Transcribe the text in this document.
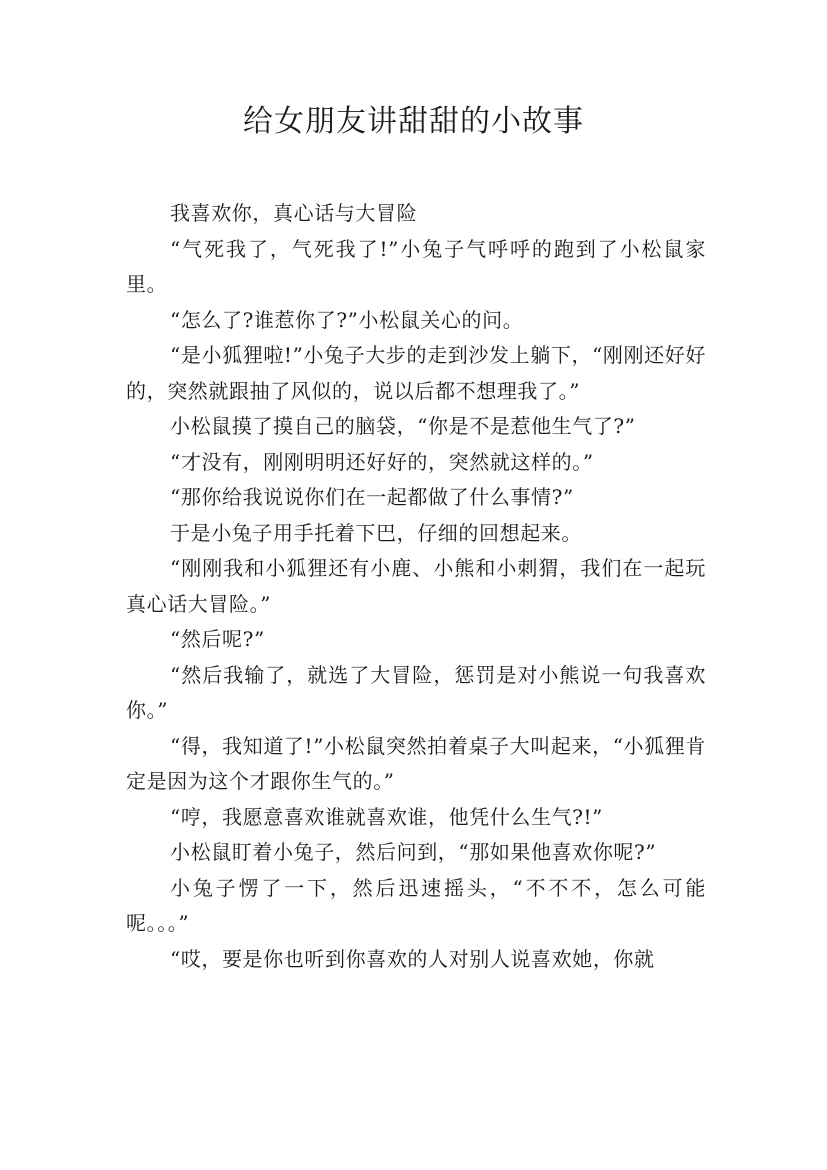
给女朋友讲甜甜的小故事

我喜欢你，真心话与大冒险

“气死我了，气死我了!”小兔子气呼呼的跑到了小松鼠家里。

“怎么了?谁惹你了?”小松鼠关心的问。

“是小狐狸啦!”小兔子大步的走到沙发上躺下，“刚刚还好好的，突然就跟抽了风似的，说以后都不想理我了。”

小松鼠摸了摸自己的脑袋，“你是不是惹他生气了?”

“才没有，刚刚明明还好好的，突然就这样的。”

“那你给我说说你们在一起都做了什么事情?”

于是小兔子用手托着下巴，仔细的回想起来。

“刚刚我和小狐狸还有小鹿、小熊和小刺猬，我们在一起玩真心话大冒险。”

“然后呢?”

“然后我输了，就选了大冒险，惩罚是对小熊说一句我喜欢你。”

“得，我知道了!”小松鼠突然拍着桌子大叫起来，“小狐狸肯定是因为这个才跟你生气的。”

“哼，我愿意喜欢谁就喜欢谁，他凭什么生气?!”

小松鼠盯着小兔子，然后问到，“那如果他喜欢你呢?”

小兔子愣了一下，然后迅速摇头，“不不不，怎么可能呢。。。”

“哎，要是你也听到你喜欢的人对别人说喜欢她，你就
